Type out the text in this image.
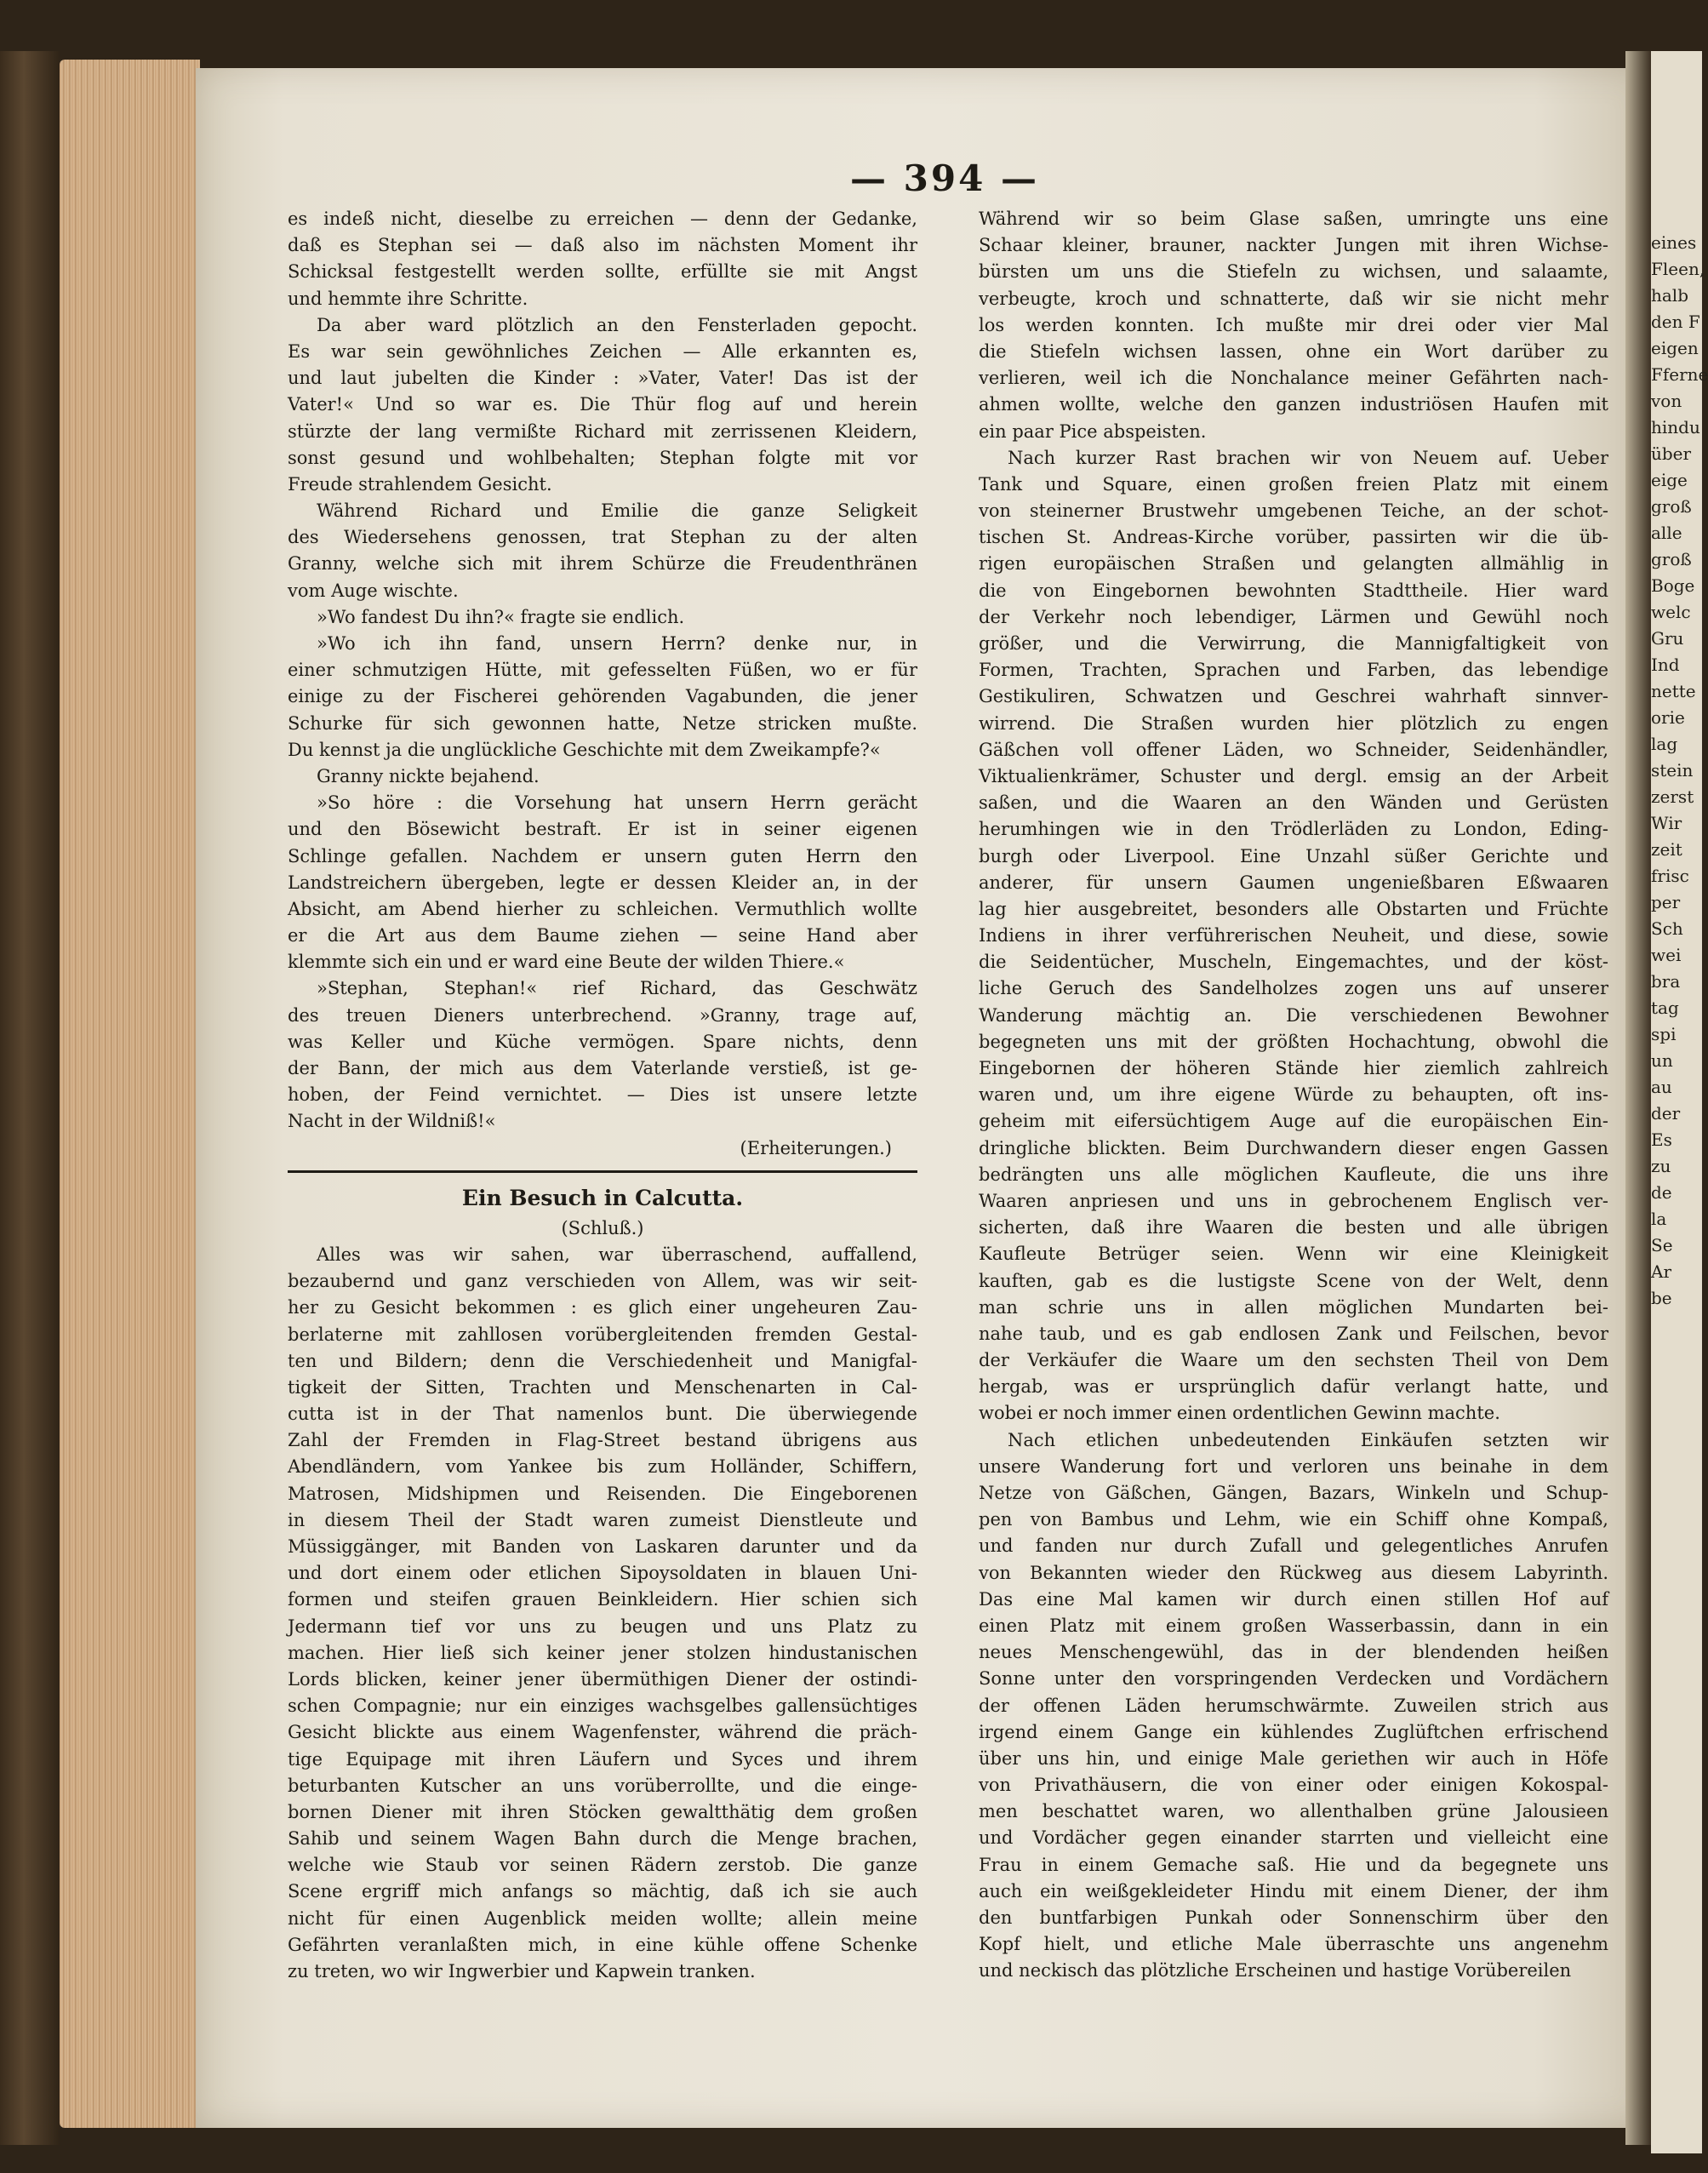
eines
Fleen,
halb
den F
eigen
Fferne
von
hindu
über
eige
groß
alle
groß
Boge
welc
Gru
Ind
nette
orie
lag
stein
zerst
Wir
zeit
frisc
per
Sch
wei
bra
tag
spi
un
au
der
Es
zu
de
la
Se
Ar
be
— 394 —
es indeß nicht, dieselbe zu erreichen — denn der Gedanke,
daß es Stephan sei — daß also im nächsten Moment ihr
Schicksal festgestellt werden sollte, erfüllte sie mit Angst
und hemmte ihre Schritte.
Da aber ward plötzlich an den Fensterladen gepocht.
Es war sein gewöhnliches Zeichen — Alle erkannten es,
und laut jubelten die Kinder : »Vater, Vater! Das ist der
Vater!« Und so war es. Die Thür flog auf und herein
stürzte der lang vermißte Richard mit zerrissenen Kleidern,
sonst gesund und wohlbehalten; Stephan folgte mit vor
Freude strahlendem Gesicht.
Während Richard und Emilie die ganze Seligkeit
des Wiedersehens genossen, trat Stephan zu der alten
Granny, welche sich mit ihrem Schürze die Freudenthränen
vom Auge wischte.
»Wo fandest Du ihn?« fragte sie endlich.
»Wo ich ihn fand, unsern Herrn? denke nur, in
einer schmutzigen Hütte, mit gefesselten Füßen, wo er für
einige zu der Fischerei gehörenden Vagabunden, die jener
Schurke für sich gewonnen hatte, Netze stricken mußte.
Du kennst ja die unglückliche Geschichte mit dem Zweikampfe?«
Granny nickte bejahend.
»So höre : die Vorsehung hat unsern Herrn gerächt
und den Bösewicht bestraft. Er ist in seiner eigenen
Schlinge gefallen. Nachdem er unsern guten Herrn den
Landstreichern übergeben, legte er dessen Kleider an, in der
Absicht, am Abend hierher zu schleichen. Vermuthlich wollte
er die Art aus dem Baume ziehen — seine Hand aber
klemmte sich ein und er ward eine Beute der wilden Thiere.«
»Stephan, Stephan!« rief Richard, das Geschwätz
des treuen Dieners unterbrechend. »Granny, trage auf,
was Keller und Küche vermögen. Spare nichts, denn
der Bann, der mich aus dem Vaterlande verstieß, ist ge-
hoben, der Feind vernichtet. — Dies ist unsere letzte
Nacht in der Wildniß!«
(Erheiterungen.)
Ein Besuch in Calcutta.
(Schluß.)
Alles was wir sahen, war überraschend, auffallend,
bezaubernd und ganz verschieden von Allem, was wir seit-
her zu Gesicht bekommen : es glich einer ungeheuren Zau-
berlaterne mit zahllosen vorübergleitenden fremden Gestal-
ten und Bildern; denn die Verschiedenheit und Manigfal-
tigkeit der Sitten, Trachten und Menschenarten in Cal-
cutta ist in der That namenlos bunt. Die überwiegende
Zahl der Fremden in Flag-Street bestand übrigens aus
Abendländern, vom Yankee bis zum Holländer, Schiffern,
Matrosen, Midshipmen und Reisenden. Die Eingeborenen
in diesem Theil der Stadt waren zumeist Dienstleute und
Müssiggänger, mit Banden von Laskaren darunter und da
und dort einem oder etlichen Sipoysoldaten in blauen Uni-
formen und steifen grauen Beinkleidern. Hier schien sich
Jedermann tief vor uns zu beugen und uns Platz zu
machen. Hier ließ sich keiner jener stolzen hindustanischen
Lords blicken, keiner jener übermüthigen Diener der ostindi-
schen Compagnie; nur ein einziges wachsgelbes gallensüchtiges
Gesicht blickte aus einem Wagenfenster, während die präch-
tige Equipage mit ihren Läufern und Syces und ihrem
beturbanten Kutscher an uns vorüberrollte, und die einge-
bornen Diener mit ihren Stöcken gewaltthätig dem großen
Sahib und seinem Wagen Bahn durch die Menge brachen,
welche wie Staub vor seinen Rädern zerstob. Die ganze
Scene ergriff mich anfangs so mächtig, daß ich sie auch
nicht für einen Augenblick meiden wollte; allein meine
Gefährten veranlaßten mich, in eine kühle offene Schenke
zu treten, wo wir Ingwerbier und Kapwein tranken.
Während wir so beim Glase saßen, umringte uns eine
Schaar kleiner, brauner, nackter Jungen mit ihren Wichse-
bürsten um uns die Stiefeln zu wichsen, und salaamte,
verbeugte, kroch und schnatterte, daß wir sie nicht mehr
los werden konnten. Ich mußte mir drei oder vier Mal
die Stiefeln wichsen lassen, ohne ein Wort darüber zu
verlieren, weil ich die Nonchalance meiner Gefährten nach-
ahmen wollte, welche den ganzen industriösen Haufen mit
ein paar Pice abspeisten.
Nach kurzer Rast brachen wir von Neuem auf. Ueber
Tank und Square, einen großen freien Platz mit einem
von steinerner Brustwehr umgebenen Teiche, an der schot-
tischen St. Andreas-Kirche vorüber, passirten wir die üb-
rigen europäischen Straßen und gelangten allmählig in
die von Eingebornen bewohnten Stadttheile. Hier ward
der Verkehr noch lebendiger, Lärmen und Gewühl noch
größer, und die Verwirrung, die Mannigfaltigkeit von
Formen, Trachten, Sprachen und Farben, das lebendige
Gestikuliren, Schwatzen und Geschrei wahrhaft sinnver-
wirrend. Die Straßen wurden hier plötzlich zu engen
Gäßchen voll offener Läden, wo Schneider, Seidenhändler,
Viktualienkrämer, Schuster und dergl. emsig an der Arbeit
saßen, und die Waaren an den Wänden und Gerüsten
herumhingen wie in den Trödlerläden zu London, Eding-
burgh oder Liverpool. Eine Unzahl süßer Gerichte und
anderer, für unsern Gaumen ungenießbaren Eßwaaren
lag hier ausgebreitet, besonders alle Obstarten und Früchte
Indiens in ihrer verführerischen Neuheit, und diese, sowie
die Seidentücher, Muscheln, Eingemachtes, und der köst-
liche Geruch des Sandelholzes zogen uns auf unserer
Wanderung mächtig an. Die verschiedenen Bewohner
begegneten uns mit der größten Hochachtung, obwohl die
Eingebornen der höheren Stände hier ziemlich zahlreich
waren und, um ihre eigene Würde zu behaupten, oft ins-
geheim mit eifersüchtigem Auge auf die europäischen Ein-
dringliche blickten. Beim Durchwandern dieser engen Gassen
bedrängten uns alle möglichen Kaufleute, die uns ihre
Waaren anpriesen und uns in gebrochenem Englisch ver-
sicherten, daß ihre Waaren die besten und alle übrigen
Kaufleute Betrüger seien. Wenn wir eine Kleinigkeit
kauften, gab es die lustigste Scene von der Welt, denn
man schrie uns in allen möglichen Mundarten bei-
nahe taub, und es gab endlosen Zank und Feilschen, bevor
der Verkäufer die Waare um den sechsten Theil von Dem
hergab, was er ursprünglich dafür verlangt hatte, und
wobei er noch immer einen ordentlichen Gewinn machte.
Nach etlichen unbedeutenden Einkäufen setzten wir
unsere Wanderung fort und verloren uns beinahe in dem
Netze von Gäßchen, Gängen, Bazars, Winkeln und Schup-
pen von Bambus und Lehm, wie ein Schiff ohne Kompaß,
und fanden nur durch Zufall und gelegentliches Anrufen
von Bekannten wieder den Rückweg aus diesem Labyrinth.
Das eine Mal kamen wir durch einen stillen Hof auf
einen Platz mit einem großen Wasserbassin, dann in ein
neues Menschengewühl, das in der blendenden heißen
Sonne unter den vorspringenden Verdecken und Vordächern
der offenen Läden herumschwärmte. Zuweilen strich aus
irgend einem Gange ein kühlendes Zuglüftchen erfrischend
über uns hin, und einige Male geriethen wir auch in Höfe
von Privathäusern, die von einer oder einigen Kokospal-
men beschattet waren, wo allenthalben grüne Jalousieen
und Vordächer gegen einander starrten und vielleicht eine
Frau in einem Gemache saß. Hie und da begegnete uns
auch ein weißgekleideter Hindu mit einem Diener, der ihm
den buntfarbigen Punkah oder Sonnenschirm über den
Kopf hielt, und etliche Male überraschte uns angenehm
und neckisch das plötzliche Erscheinen und hastige Vorübereilen
